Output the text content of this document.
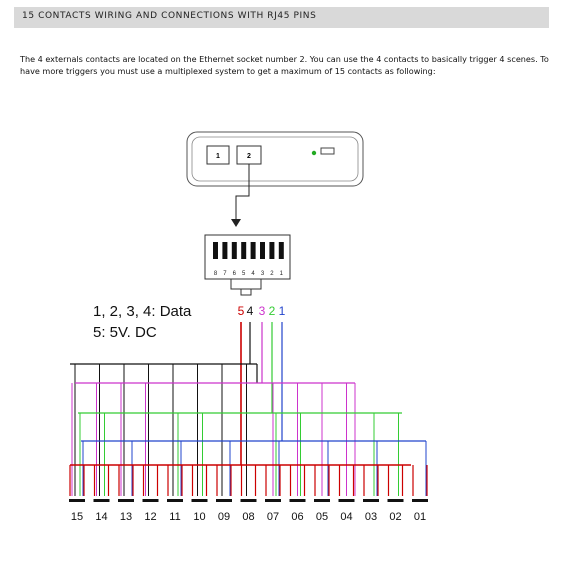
15 CONTACTS WIRING AND CONNECTIONS WITH RJ45 PINS
The 4 externals contacts are located on the Ethernet socket number 2. You can use the 4 contacts to basically trigger 4 scenes. To have more triggers you must use a multiplexed system to get a maximum of 15 contacts as following:
1	2
8 7 6 5 4 3 2 1
1, 2, 3, 4: Data
5: 5V. DC
5 4 3 2 1
15 14 13 12 11 10 09 08 07 06 05 04 03 02 01
